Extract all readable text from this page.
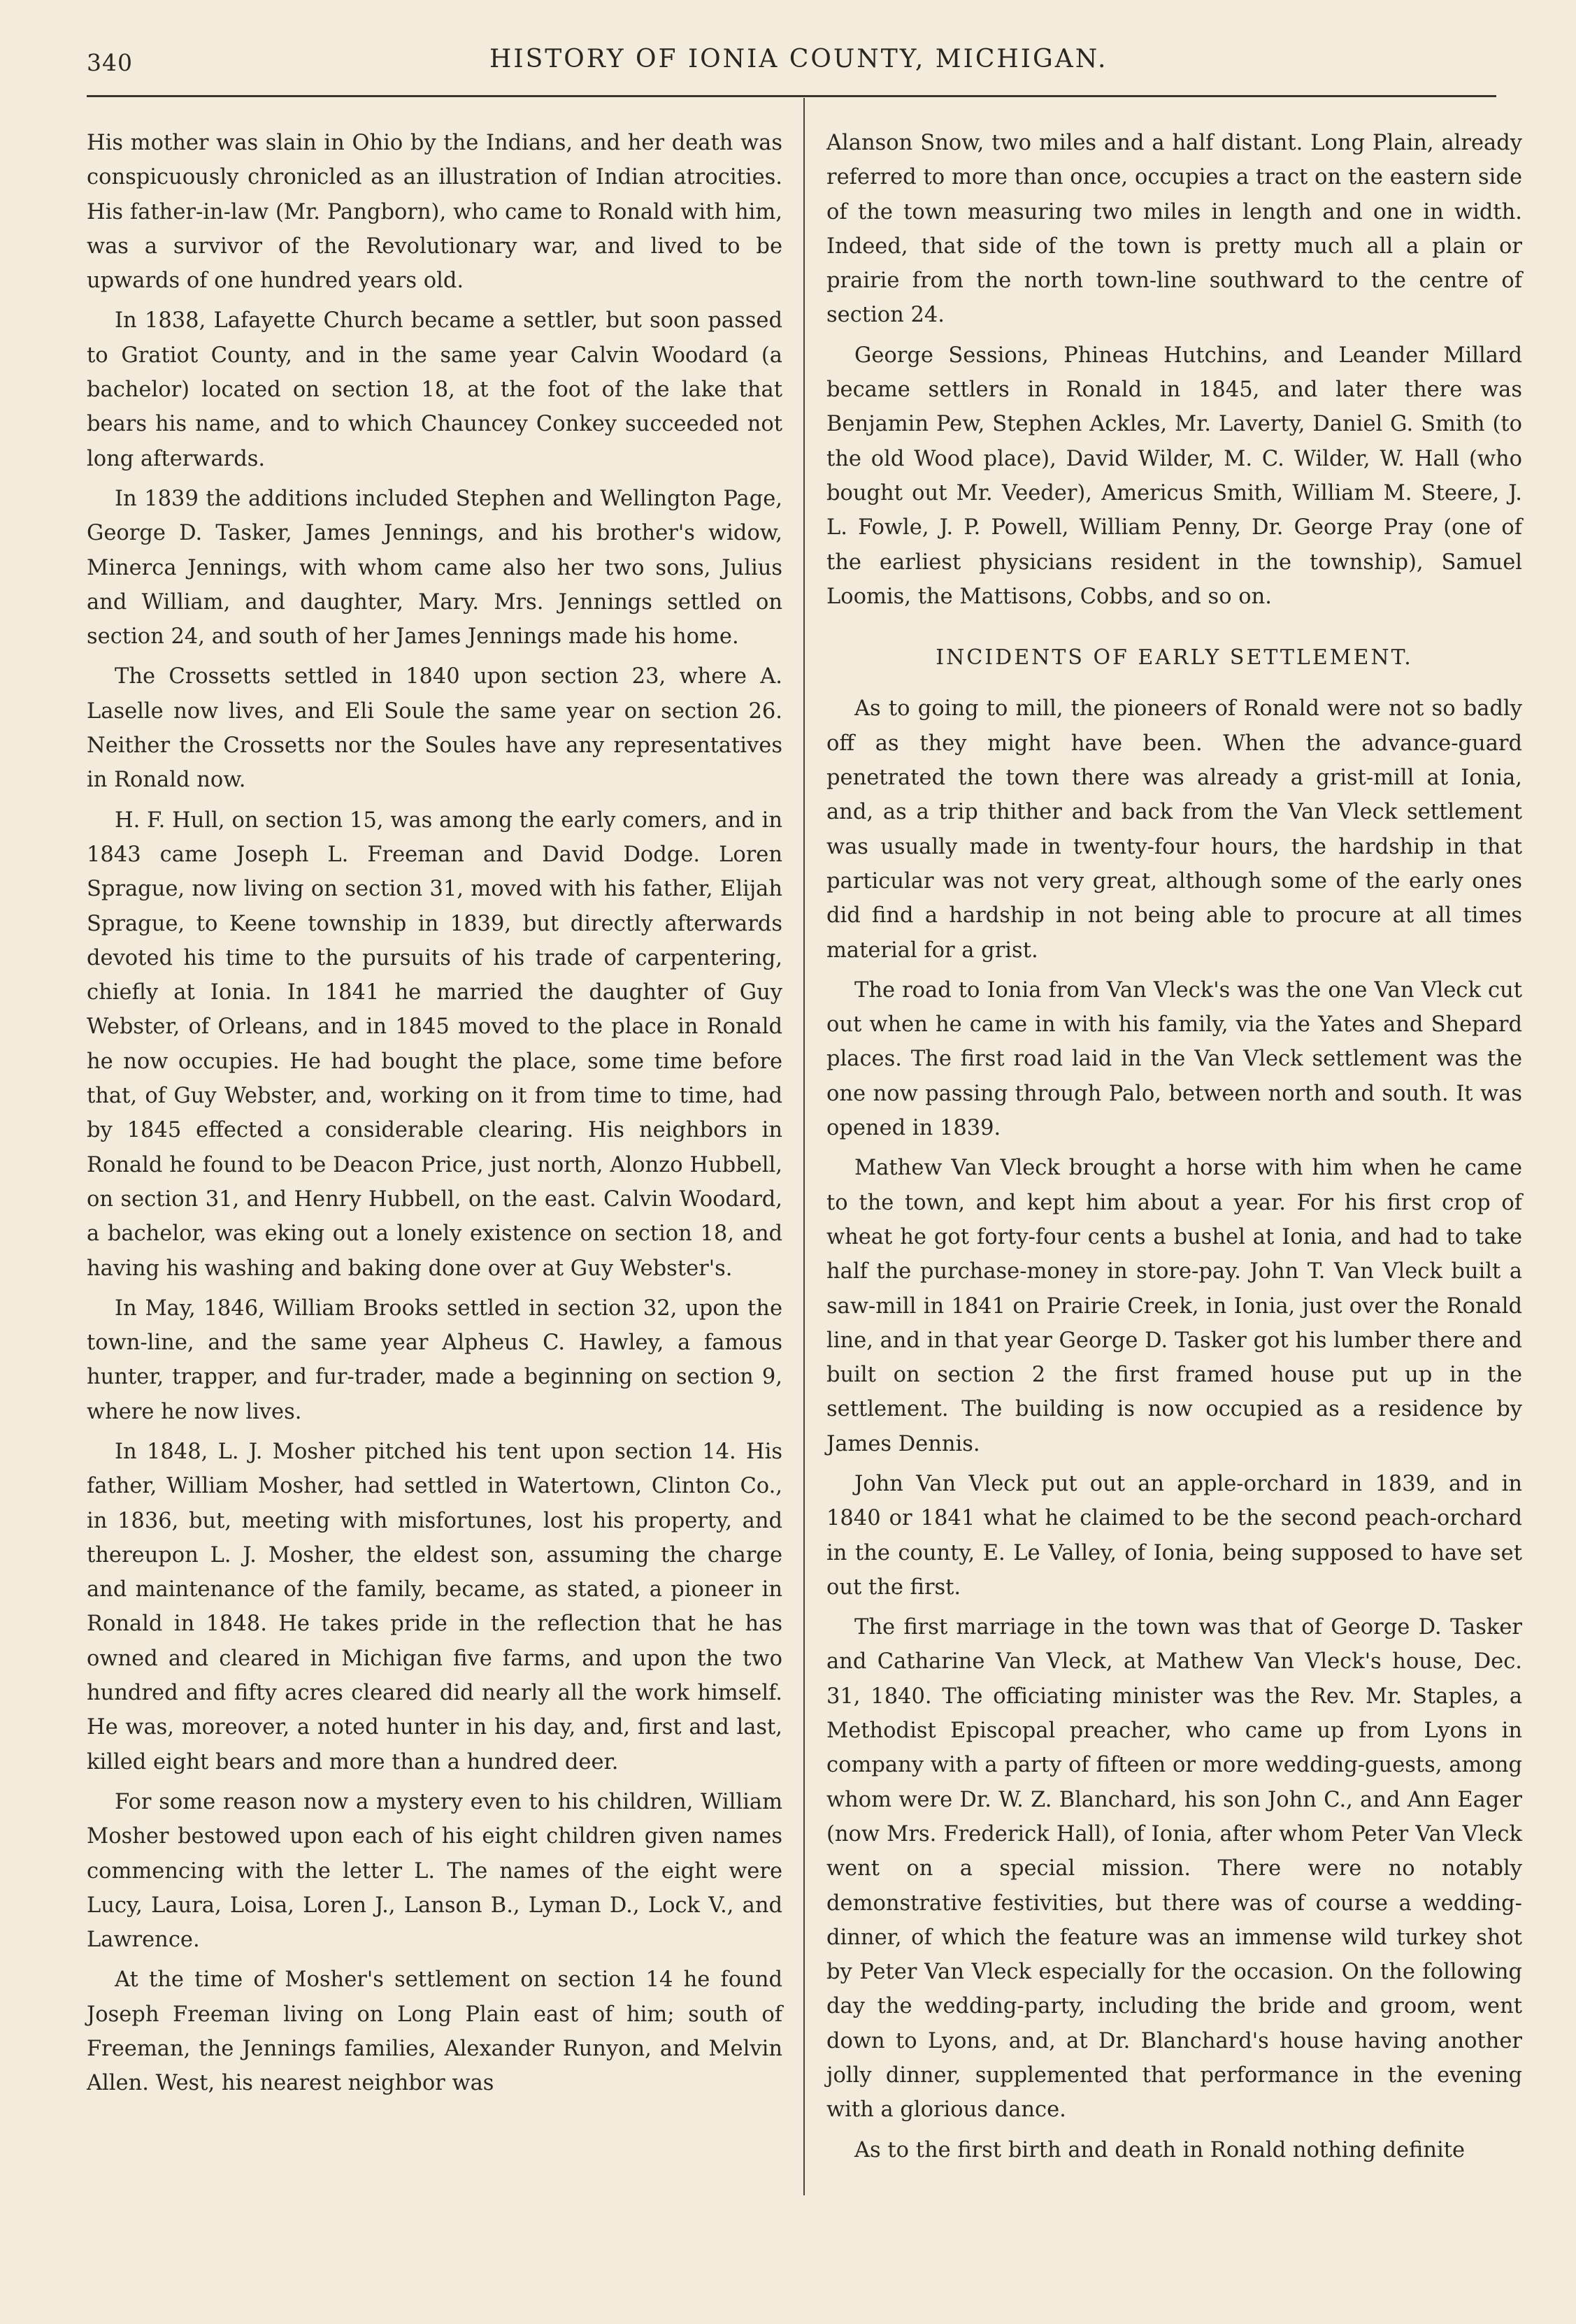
340	HISTORY OF IONIA COUNTY, MICHIGAN.

His mother was slain in Ohio by the Indians, and her death was conspicuously chronicled as an illustration of Indian atrocities. His father-in-law (Mr. Pangborn), who came to Ronald with him, was a survivor of the Revolutionary war, and lived to be upwards of one hundred years old.

In 1838, Lafayette Church became a settler, but soon passed to Gratiot County, and in the same year Calvin Woodard (a bachelor) located on section 18, at the foot of the lake that bears his name, and to which Chauncey Conkey succeeded not long afterwards.

In 1839 the additions included Stephen and Wellington Page, George D. Tasker, James Jennings, and his brother's widow, Minerca Jennings, with whom came also her two sons, Julius and William, and daughter, Mary. Mrs. Jennings settled on section 24, and south of her James Jennings made his home.

The Crossetts settled in 1840 upon section 23, where A. Laselle now lives, and Eli Soule the same year on section 26. Neither the Crossetts nor the Soules have any representatives in Ronald now.

H. F. Hull, on section 15, was among the early comers, and in 1843 came Joseph L. Freeman and David Dodge. Loren Sprague, now living on section 31, moved with his father, Elijah Sprague, to Keene township in 1839, but directly afterwards devoted his time to the pursuits of his trade of carpentering, chiefly at Ionia. In 1841 he married the daughter of Guy Webster, of Orleans, and in 1845 moved to the place in Ronald he now occupies. He had bought the place, some time before that, of Guy Webster, and, working on it from time to time, had by 1845 effected a considerable clearing. His neighbors in Ronald he found to be Deacon Price, just north, Alonzo Hubbell, on section 31, and Henry Hubbell, on the east. Calvin Woodard, a bachelor, was eking out a lonely existence on section 18, and having his washing and baking done over at Guy Webster's.

In May, 1846, William Brooks settled in section 32, upon the town-line, and the same year Alpheus C. Hawley, a famous hunter, trapper, and fur-trader, made a beginning on section 9, where he now lives.

In 1848, L. J. Mosher pitched his tent upon section 14. His father, William Mosher, had settled in Watertown, Clinton Co., in 1836, but, meeting with misfortunes, lost his property, and thereupon L. J. Mosher, the eldest son, assuming the charge and maintenance of the family, became, as stated, a pioneer in Ronald in 1848. He takes pride in the reflection that he has owned and cleared in Michigan five farms, and upon the two hundred and fifty acres cleared did nearly all the work himself. He was, moreover, a noted hunter in his day, and, first and last, killed eight bears and more than a hundred deer.

For some reason now a mystery even to his children, William Mosher bestowed upon each of his eight children given names commencing with the letter L. The names of the eight were Lucy, Laura, Loisa, Loren J., Lanson B., Lyman D., Lock V., and Lawrence.

At the time of Mosher's settlement on section 14 he found Joseph Freeman living on Long Plain east of him; south of Freeman, the Jennings families, Alexander Runyon, and Melvin Allen. West, his nearest neighbor was

Alanson Snow, two miles and a half distant. Long Plain, already referred to more than once, occupies a tract on the eastern side of the town measuring two miles in length and one in width. Indeed, that side of the town is pretty much all a plain or prairie from the north town-line southward to the centre of section 24.

George Sessions, Phineas Hutchins, and Leander Millard became settlers in Ronald in 1845, and later there was Benjamin Pew, Stephen Ackles, Mr. Laverty, Daniel G. Smith (to the old Wood place), David Wilder, M. C. Wilder, W. Hall (who bought out Mr. Veeder), Americus Smith, William M. Steere, J. L. Fowle, J. P. Powell, William Penny, Dr. George Pray (one of the earliest physicians resident in the township), Samuel Loomis, the Mattisons, Cobbs, and so on.

INCIDENTS OF EARLY SETTLEMENT.

As to going to mill, the pioneers of Ronald were not so badly off as they might have been. When the advance-guard penetrated the town there was already a grist-mill at Ionia, and, as a trip thither and back from the Van Vleck settlement was usually made in twenty-four hours, the hardship in that particular was not very great, although some of the early ones did find a hardship in not being able to procure at all times material for a grist.

The road to Ionia from Van Vleck's was the one Van Vleck cut out when he came in with his family, via the Yates and Shepard places. The first road laid in the Van Vleck settlement was the one now passing through Palo, between north and south. It was opened in 1839.

Mathew Van Vleck brought a horse with him when he came to the town, and kept him about a year. For his first crop of wheat he got forty-four cents a bushel at Ionia, and had to take half the purchase-money in store-pay. John T. Van Vleck built a saw-mill in 1841 on Prairie Creek, in Ionia, just over the Ronald line, and in that year George D. Tasker got his lumber there and built on section 2 the first framed house put up in the settlement. The building is now occupied as a residence by James Dennis.

John Van Vleck put out an apple-orchard in 1839, and in 1840 or 1841 what he claimed to be the second peach-orchard in the county, E. Le Valley, of Ionia, being supposed to have set out the first.

The first marriage in the town was that of George D. Tasker and Catharine Van Vleck, at Mathew Van Vleck's house, Dec. 31, 1840. The officiating minister was the Rev. Mr. Staples, a Methodist Episcopal preacher, who came up from Lyons in company with a party of fifteen or more wedding-guests, among whom were Dr. W. Z. Blanchard, his son John C., and Ann Eager (now Mrs. Frederick Hall), of Ionia, after whom Peter Van Vleck went on a special mission. There were no notably demonstrative festivities, but there was of course a wedding-dinner, of which the feature was an immense wild turkey shot by Peter Van Vleck especially for the occasion. On the following day the wedding-party, including the bride and groom, went down to Lyons, and, at Dr. Blanchard's house having another jolly dinner, supplemented that performance in the evening with a glorious dance.

As to the first birth and death in Ronald nothing definite
